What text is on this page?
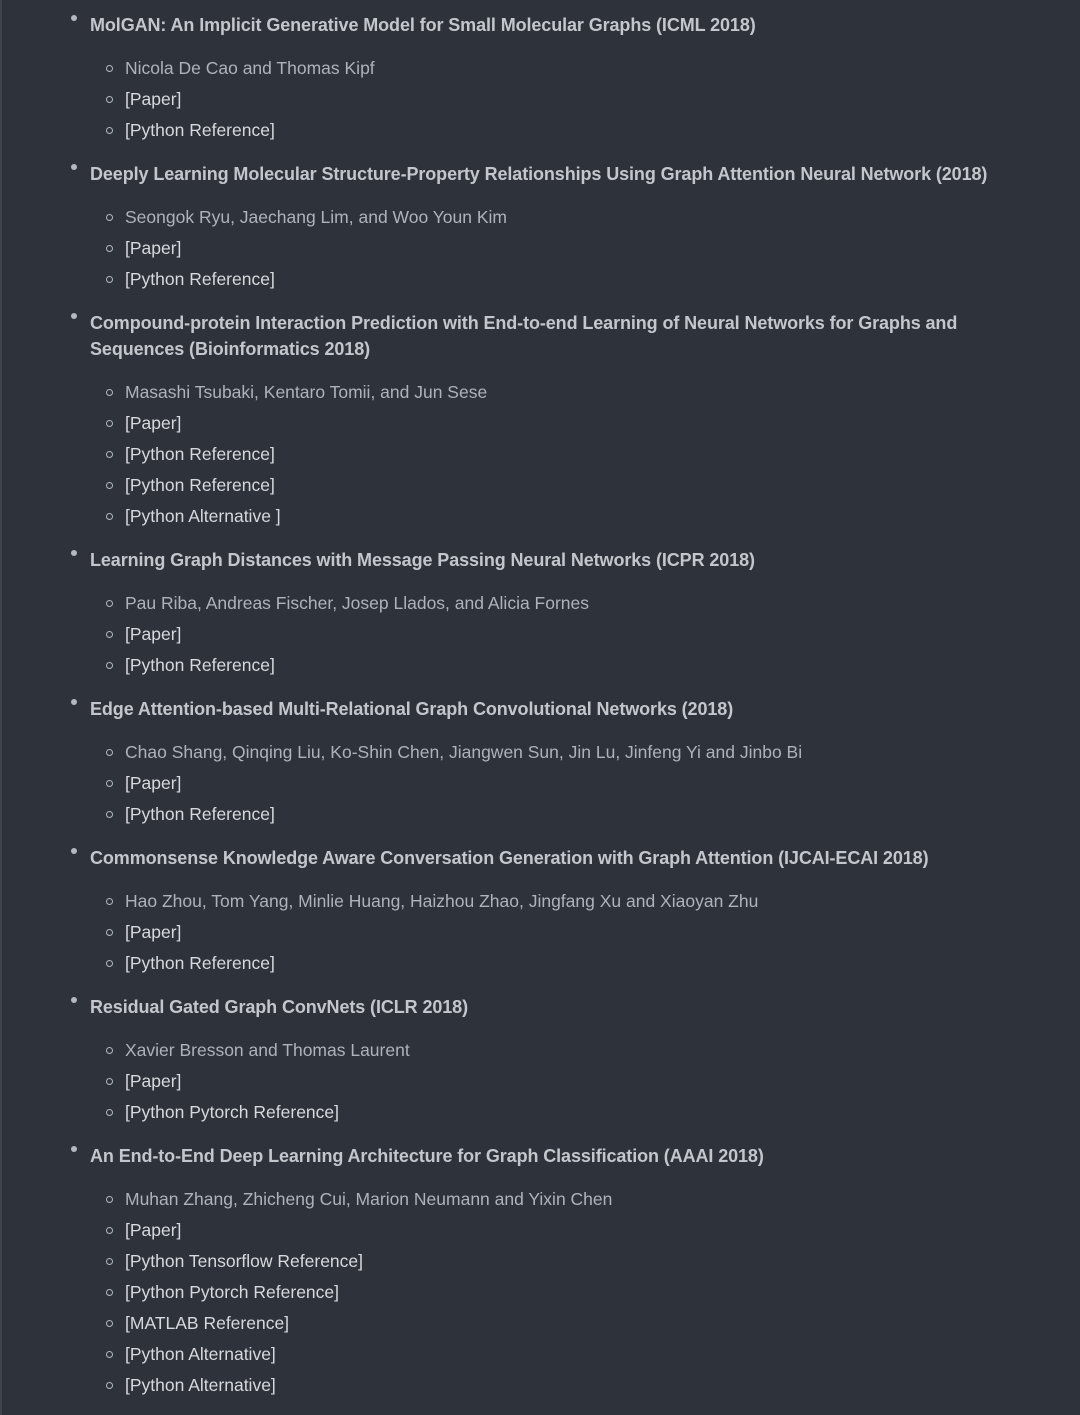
MolGAN: An Implicit Generative Model for Small Molecular Graphs (ICML 2018)
Nicola De Cao and Thomas Kipf
[Paper]
[Python Reference]
Deeply Learning Molecular Structure-Property Relationships Using Graph Attention Neural Network (2018)
Seongok Ryu, Jaechang Lim, and Woo Youn Kim
[Paper]
[Python Reference]
Compound-protein Interaction Prediction with End-to-end Learning of Neural Networks for Graphs and Sequences (Bioinformatics 2018)
Masashi Tsubaki, Kentaro Tomii, and Jun Sese
[Paper]
[Python Reference]
[Python Reference]
[Python Alternative ]
Learning Graph Distances with Message Passing Neural Networks (ICPR 2018)
Pau Riba, Andreas Fischer, Josep Llados, and Alicia Fornes
[Paper]
[Python Reference]
Edge Attention-based Multi-Relational Graph Convolutional Networks (2018)
Chao Shang, Qinqing Liu, Ko-Shin Chen, Jiangwen Sun, Jin Lu, Jinfeng Yi and Jinbo Bi
[Paper]
[Python Reference]
Commonsense Knowledge Aware Conversation Generation with Graph Attention (IJCAI-ECAI 2018)
Hao Zhou, Tom Yang, Minlie Huang, Haizhou Zhao, Jingfang Xu and Xiaoyan Zhu
[Paper]
[Python Reference]
Residual Gated Graph ConvNets (ICLR 2018)
Xavier Bresson and Thomas Laurent
[Paper]
[Python Pytorch Reference]
An End-to-End Deep Learning Architecture for Graph Classification (AAAI 2018)
Muhan Zhang, Zhicheng Cui, Marion Neumann and Yixin Chen
[Paper]
[Python Tensorflow Reference]
[Python Pytorch Reference]
[MATLAB Reference]
[Python Alternative]
[Python Alternative]
